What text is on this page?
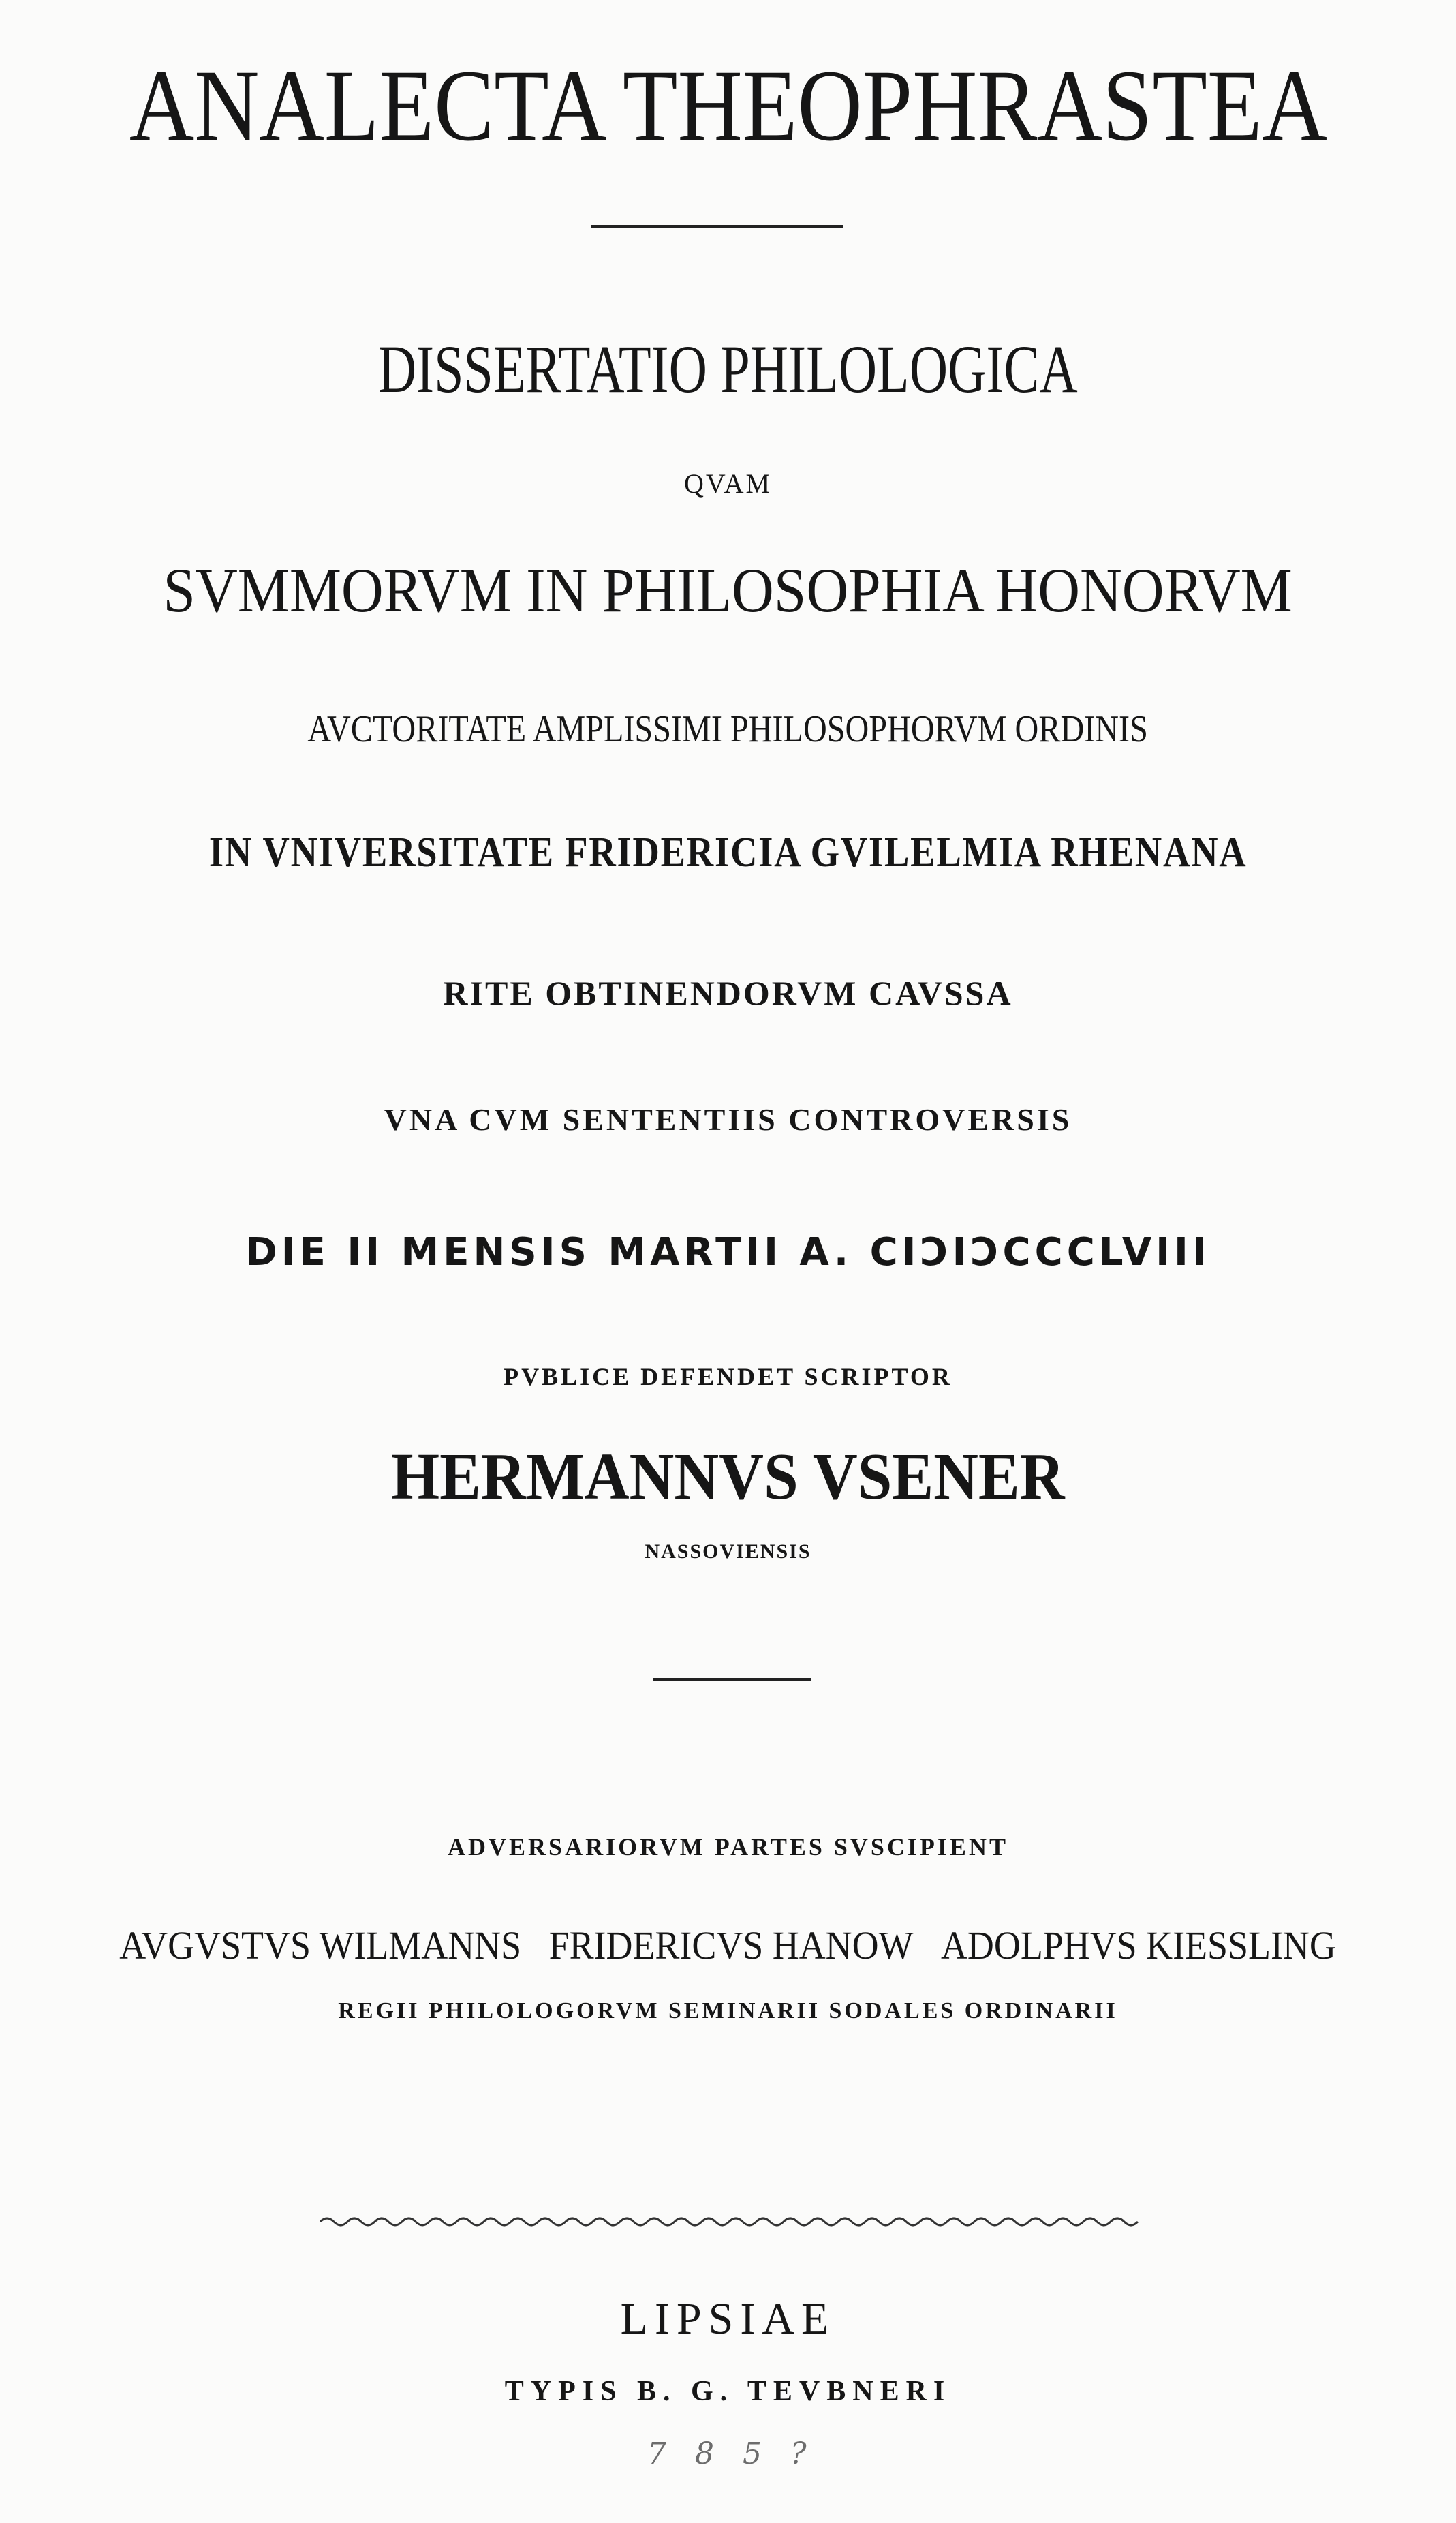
ANALECTA THEOPHRASTEA
DISSERTATIO PHILOLOGICA
QVAM
SVMMORVM IN PHILOSOPHIA HONORVM
AVCTORITATE AMPLISSIMI PHILOSOPHORVM ORDINIS
IN VNIVERSITATE FRIDERICIA GVILELMIA RHENANA
RITE OBTINENDORVM CAVSSA
VNA CVM SENTENTIIS CONTROVERSIS
DIE II MENSIS MARTII A. CIƆIƆCCCLVIII
PVBLICE DEFENDET SCRIPTOR
HERMANNVS VSENER
NASSOVIENSIS
ADVERSARIORVM PARTES SVSCIPIENT
AVGVSTVS WILMANNS FRIDERICVS HANOW ADOLPHVS KIESSLING
REGII PHILOLOGORVM SEMINARII SODALES ORDINARII
LIPSIAE
TYPIS B. G. TEVBNERI
7 8 5 ?
